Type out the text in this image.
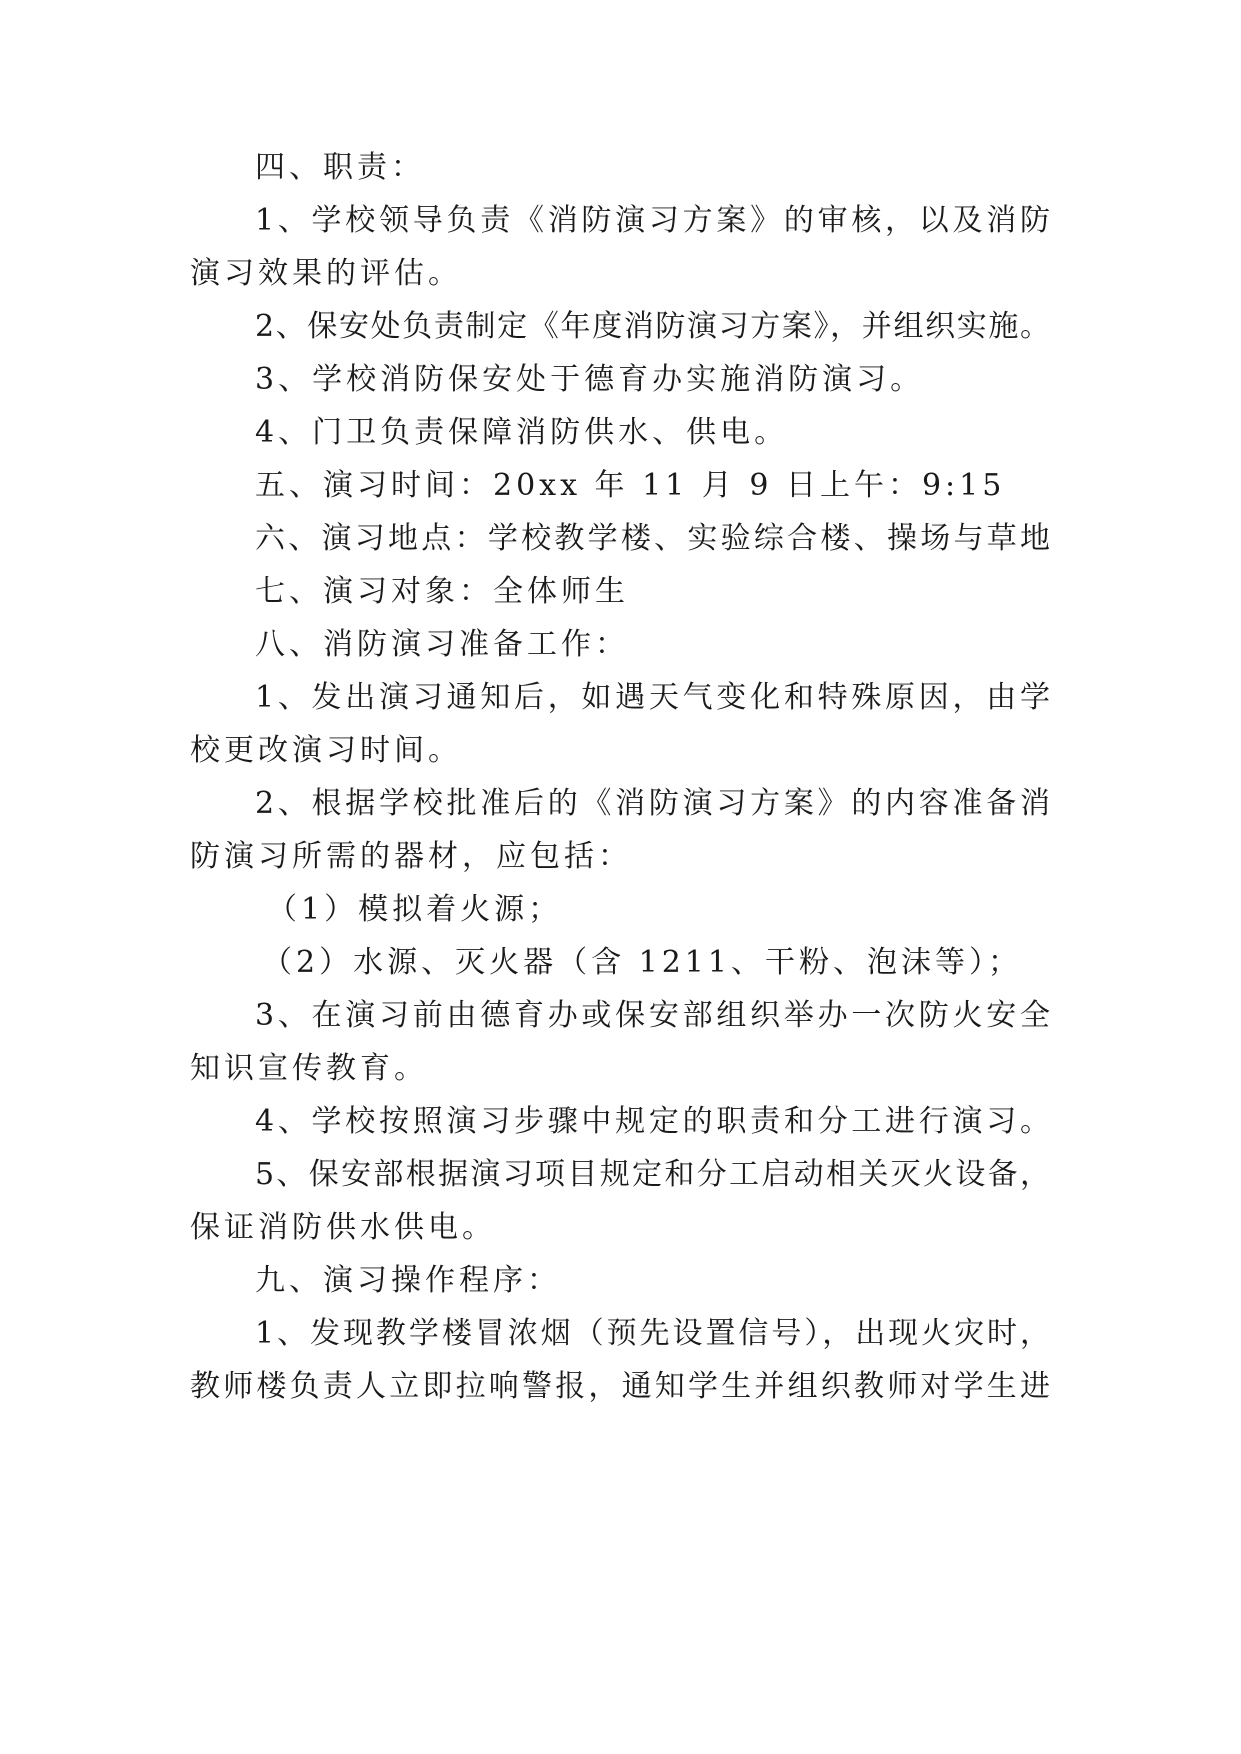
四、职责：
1、学校领导负责《消防演习方案》的审核，以及消防
演习效果的评估。
2、保安处负责制定《年度消防演习方案》，并组织实施。
3、学校消防保安处于德育办实施消防演习。
4、门卫负责保障消防供水、供电。
五、演习时间：20xx 年 11 月 9 日上午：9:15
六、演习地点：学校教学楼、实验综合楼、操场与草地
七、演习对象：全体师生
八、消防演习准备工作：
1、发出演习通知后，如遇天气变化和特殊原因，由学
校更改演习时间。
2、根据学校批准后的《消防演习方案》的内容准备消
防演习所需的器材，应包括：
（1）模拟着火源；
（2）水源、灭火器（含 1211、干粉、泡沫等）；
3、在演习前由德育办或保安部组织举办一次防火安全
知识宣传教育。
4、学校按照演习步骤中规定的职责和分工进行演习。
5、保安部根据演习项目规定和分工启动相关灭火设备，
保证消防供水供电。
九、演习操作程序：
1、发现教学楼冒浓烟（预先设置信号），出现火灾时，
教师楼负责人立即拉响警报，通知学生并组织教师对学生进
